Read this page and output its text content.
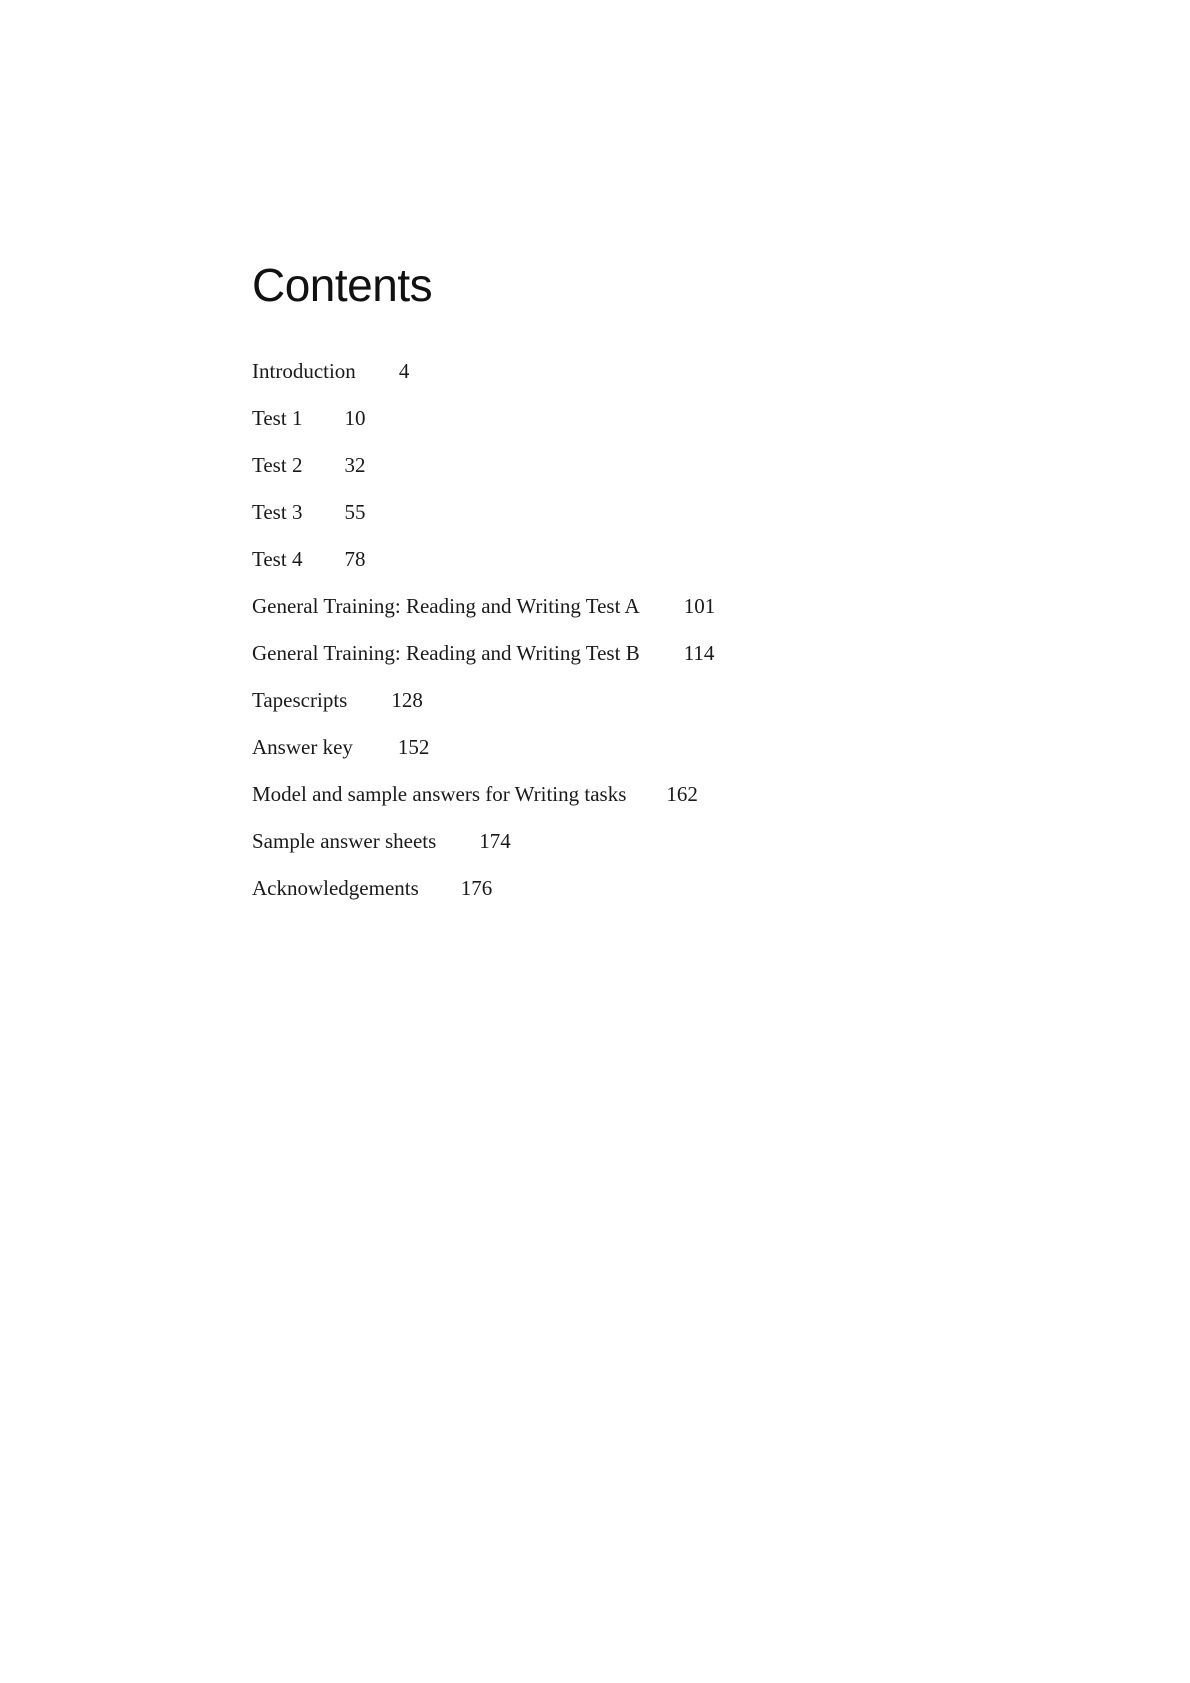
Contents
Introduction 4
Test 1 10
Test 2 32
Test 3 55
Test 4 78
General Training: Reading and Writing Test A 101
General Training: Reading and Writing Test B 114
Tapescripts 128
Answer key 152
Model and sample answers for Writing tasks 162
Sample answer sheets 174
Acknowledgements 176
